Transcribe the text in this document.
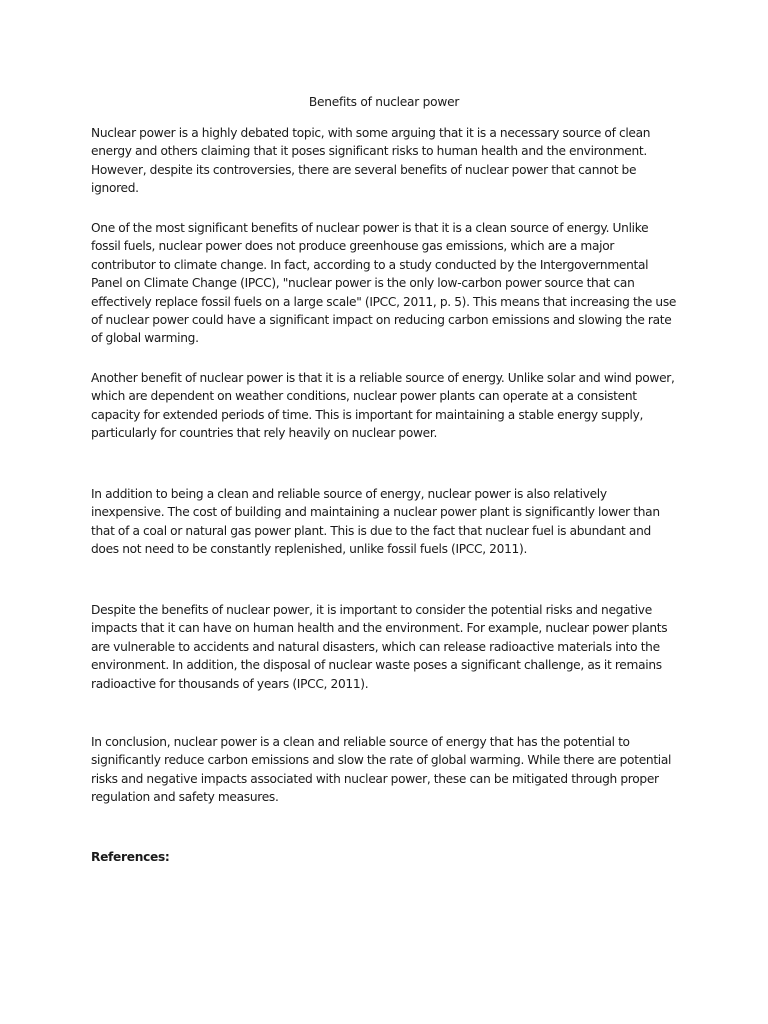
Benefits of nuclear power

Nuclear power is a highly debated topic, with some arguing that it is a necessary source of clean energy and others claiming that it poses significant risks to human health and the environment. However, despite its controversies, there are several benefits of nuclear power that cannot be ignored.

One of the most significant benefits of nuclear power is that it is a clean source of energy. Unlike fossil fuels, nuclear power does not produce greenhouse gas emissions, which are a major contributor to climate change. In fact, according to a study conducted by the Intergovernmental Panel on Climate Change (IPCC), "nuclear power is the only low-carbon power source that can effectively replace fossil fuels on a large scale" (IPCC, 2011, p. 5). This means that increasing the use of nuclear power could have a significant impact on reducing carbon emissions and slowing the rate of global warming.

Another benefit of nuclear power is that it is a reliable source of energy. Unlike solar and wind power, which are dependent on weather conditions, nuclear power plants can operate at a consistent capacity for extended periods of time. This is important for maintaining a stable energy supply, particularly for countries that rely heavily on nuclear power.

In addition to being a clean and reliable source of energy, nuclear power is also relatively inexpensive. The cost of building and maintaining a nuclear power plant is significantly lower than that of a coal or natural gas power plant. This is due to the fact that nuclear fuel is abundant and does not need to be constantly replenished, unlike fossil fuels (IPCC, 2011).

Despite the benefits of nuclear power, it is important to consider the potential risks and negative impacts that it can have on human health and the environment. For example, nuclear power plants are vulnerable to accidents and natural disasters, which can release radioactive materials into the environment. In addition, the disposal of nuclear waste poses a significant challenge, as it remains radioactive for thousands of years (IPCC, 2011).

In conclusion, nuclear power is a clean and reliable source of energy that has the potential to significantly reduce carbon emissions and slow the rate of global warming. While there are potential risks and negative impacts associated with nuclear power, these can be mitigated through proper regulation and safety measures.

References:
